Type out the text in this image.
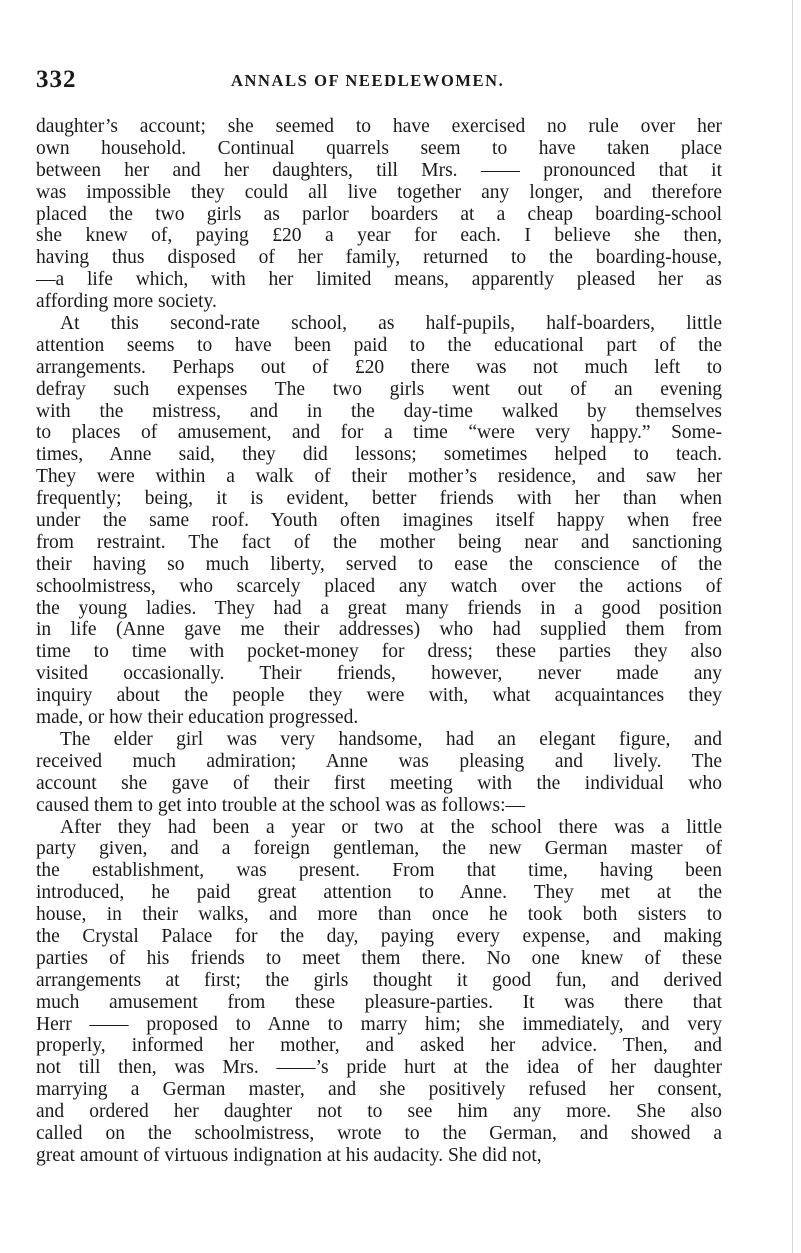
332	ANNALS OF NEEDLEWOMEN.
daughter’s account; she seemed to have exercised no rule over her
own household. Continual quarrels seem to have taken place
between her and her daughters, till Mrs. —— pronounced that it
was impossible they could all live together any longer, and therefore
placed the two girls as parlor boarders at a cheap boarding-school
she knew of, paying £20 a year for each. I believe she then,
having thus disposed of her family, returned to the boarding-house,
—a life which, with her limited means, apparently pleased her as
affording more society.
At this second-rate school, as half-pupils, half-boarders, little
attention seems to have been paid to the educational part of the
arrangements. Perhaps out of £20 there was not much left to
defray such expenses The two girls went out of an evening
with the mistress, and in the day-time walked by themselves
to places of amusement, and for a time “were very happy.” Some-
times, Anne said, they did lessons; sometimes helped to teach.
They were within a walk of their mother’s residence, and saw her
frequently; being, it is evident, better friends with her than when
under the same roof. Youth often imagines itself happy when free
from restraint. The fact of the mother being near and sanctioning
their having so much liberty, served to ease the conscience of the
schoolmistress, who scarcely placed any watch over the actions of
the young ladies. They had a great many friends in a good position
in life (Anne gave me their addresses) who had supplied them from
time to time with pocket-money for dress; these parties they also
visited occasionally. Their friends, however, never made any
inquiry about the people they were with, what acquaintances they
made, or how their education progressed.
The elder girl was very handsome, had an elegant figure, and
received much admiration; Anne was pleasing and lively. The
account she gave of their first meeting with the individual who
caused them to get into trouble at the school was as follows:—
After they had been a year or two at the school there was a little
party given, and a foreign gentleman, the new German master of
the establishment, was present. From that time, having been
introduced, he paid great attention to Anne. They met at the
house, in their walks, and more than once he took both sisters to
the Crystal Palace for the day, paying every expense, and making
parties of his friends to meet them there. No one knew of these
arrangements at first; the girls thought it good fun, and derived
much amusement from these pleasure-parties. It was there that
Herr —— proposed to Anne to marry him; she immediately, and very
properly, informed her mother, and asked her advice. Then, and
not till then, was Mrs. ——’s pride hurt at the idea of her daughter
marrying a German master, and she positively refused her consent,
and ordered her daughter not to see him any more. She also
called on the schoolmistress, wrote to the German, and showed a
great amount of virtuous indignation at his audacity. She did not,
